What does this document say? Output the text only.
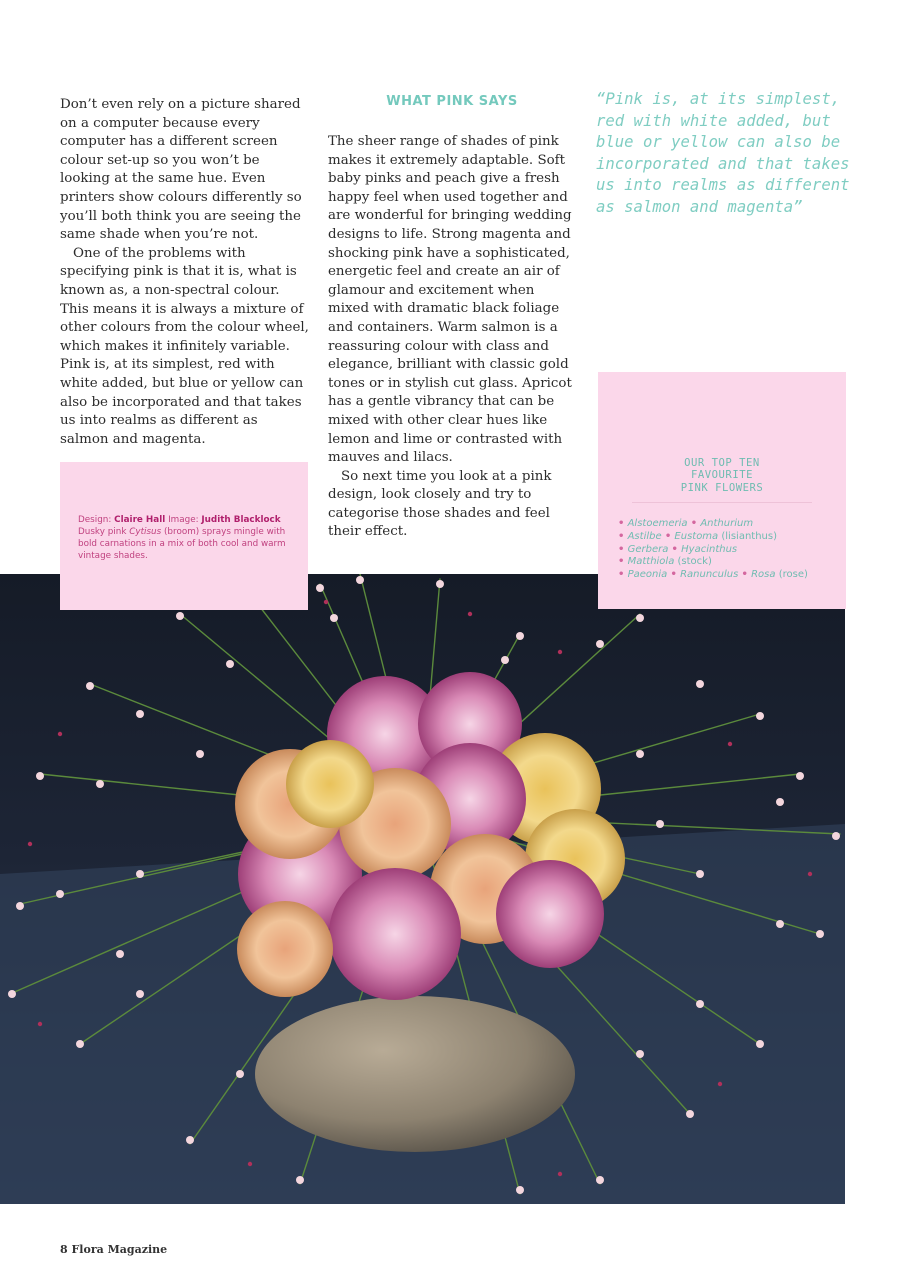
Don’t even rely on a picture shared on a computer because every computer has a different screen colour set-up so you won’t be looking at the same hue. Even printers show colours differently so you’ll both think you are seeing the same shade when you’re not.

One of the problems with specifying pink is that it is, what is known as, a non-spectral colour. This means it is always a mixture of other colours from the colour wheel, which makes it infinitely variable. Pink is, at its simplest, red with white added, but blue or yellow can also be incorporated and that takes us into realms as different as salmon and magenta.

WHAT PINK SAYS

The sheer range of shades of pink makes it extremely adaptable. Soft baby pinks and peach give a fresh happy feel when used together and are wonderful for bringing wedding designs to life. Strong magenta and shocking pink have a sophisticated, energetic feel and create an air of glamour and excitement when mixed with dramatic black foliage and containers. Warm salmon is a reassuring colour with class and elegance, brilliant with classic gold tones or in stylish cut glass. Apricot has a gentle vibrancy that can be mixed with other clear hues like lemon and lime or contrasted with mauves and lilacs.

So next time you look at a pink design, look closely and try to categorise those shades and feel their effect.

“Pink is, at its simplest, red with white added, but blue or yellow can also be incorporated and that takes us into realms as different as salmon and magenta”
Design: Claire Hall Image: Judith Blacklock
Dusky pink Cytisus (broom) sprays mingle with bold carnations in a mix of both cool and warm vintage shades.
OUR TOP TEN
FAVOURITE
PINK FLOWERS
• Alstoemeria • Anthurium
• Astilbe • Eustoma (lisianthus)
• Gerbera • Hyacinthus
• Matthiola (stock)
• Paeonia • Ranunculus • Rosa (rose)
8 Flora Magazine
